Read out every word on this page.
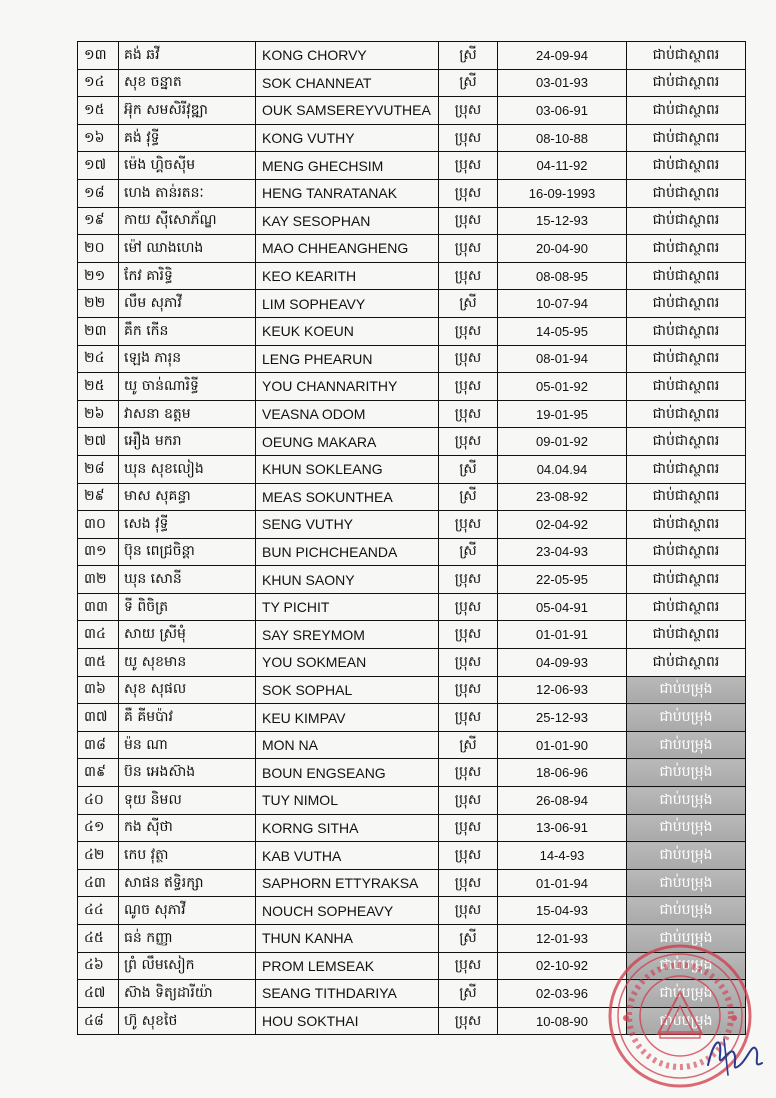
១៣	គង់ ឆវី	KONG CHORVY	ស្រី	24-09-94	ជាប់ជាស្ថាពរ
១៤	សុខ ចន្នាត	SOK CHANNEAT	ស្រី	03-01-93	ជាប់ជាស្ថាពរ
១៥	អ៊ុក សមសិរីវុឌ្ឍា	OUK SAMSEREYVUTHEA	ប្រុស	03-06-91	ជាប់ជាស្ថាពរ
១៦	គង់ វុទ្ធី	KONG VUTHY	ប្រុស	08-10-88	ជាប់ជាស្ថាពរ
១៧	ម៉េង ហ្គិចស៊ីម	MENG GHECHSIM	ប្រុស	04-11-92	ជាប់ជាស្ថាពរ
១៨	ហេង តាន់រតនៈ	HENG TANRATANAK	ប្រុស	16-09-1993	ជាប់ជាស្ថាពរ
១៩	កាយ ស៊ីសោភ័ណ្ឌ	KAY SESOPHAN	ប្រុស	15-12-93	ជាប់ជាស្ថាពរ
២០	ម៉ៅ ឈាងហេង	MAO CHHEANGHENG	ប្រុស	20-04-90	ជាប់ជាស្ថាពរ
២១	កែវ គារិទ្ធិ	KEO KEARITH	ប្រុស	08-08-95	ជាប់ជាស្ថាពរ
២២	លឹម សុភាវី	LIM SOPHEAVY	ស្រី	10-07-94	ជាប់ជាស្ថាពរ
២៣	គឹក កើន	KEUK KOEUN	ប្រុស	14-05-95	ជាប់ជាស្ថាពរ
២៤	ឡេង ភារុន	LENG PHEARUN	ប្រុស	08-01-94	ជាប់ជាស្ថាពរ
២៥	យូ ចាន់ណារិទ្ធី	YOU CHANNARITHY	ប្រុស	05-01-92	ជាប់ជាស្ថាពរ
២៦	វាសនា ឧត្តម	VEASNA ODOM	ប្រុស	19-01-95	ជាប់ជាស្ថាពរ
២៧	អឿង មករា	OEUNG MAKARA	ប្រុស	09-01-92	ជាប់ជាស្ថាពរ
២៨	ឃុន សុខលៀង	KHUN SOKLEANG	ស្រី	04.04.94	ជាប់ជាស្ថាពរ
២៩	មាស សុគន្ធា	MEAS SOKUNTHEA	ស្រី	23-08-92	ជាប់ជាស្ថាពរ
៣០	សេង វុទ្ធី	SENG VUTHY	ប្រុស	02-04-92	ជាប់ជាស្ថាពរ
៣១	ប៊ុន ពេជ្រចិន្តា	BUN PICHCHEANDA	ស្រី	23-04-93	ជាប់ជាស្ថាពរ
៣២	ឃុន សោនី	KHUN SAONY	ប្រុស	22-05-95	ជាប់ជាស្ថាពរ
៣៣	ទី ពិចិត្រ	TY PICHIT	ប្រុស	05-04-91	ជាប់ជាស្ថាពរ
៣៤	សាយ ស្រីមុំ	SAY SREYMOM	ប្រុស	01-01-91	ជាប់ជាស្ថាពរ
៣៥	យូ សុខមាន	YOU SOKMEAN	ប្រុស	04-09-93	ជាប់ជាស្ថាពរ
៣៦	សុខ សុផល	SOK SOPHAL	ប្រុស	12-06-93	ជាប់បម្រុង
៣៧	គឺ គីមប៉ាវ	KEU KIMPAV	ប្រុស	25-12-93	ជាប់បម្រុង
៣៨	ម៉ន ណា	MON NA	ស្រី	01-01-90	ជាប់បម្រុង
៣៩	ប៊ន អេងស៊ាង	BOUN ENGSEANG	ប្រុស	18-06-96	ជាប់បម្រុង
៤០	ទុយ និមល	TUY NIMOL	ប្រុស	26-08-94	ជាប់បម្រុង
៤១	កង ស៊ីថា	KORNG SITHA	ប្រុស	13-06-91	ជាប់បម្រុង
៤២	កេប វុត្ថា	KAB VUTHA	ប្រុស	14-4-93	ជាប់បម្រុង
៤៣	សាផន ឥទ្ធិរក្សា	SAPHORN ETTYRAKSA	ប្រុស	01-01-94	ជាប់បម្រុង
៤៤	ណូច សុភាវី	NOUCH SOPHEAVY	ប្រុស	15-04-93	ជាប់បម្រុង
៤៥	ធន់ កញ្ញា	THUN KANHA	ស្រី	12-01-93	ជាប់បម្រុង
៤៦	ព្រំ លឹមសៀក	PROM LEMSEAK	ប្រុស	02-10-92	ជាប់បម្រុង
៤៧	ស៊ាង ទិត្យដារីយ៉ា	SEANG TITHDARIYA	ស្រី	02-03-96	ជាប់បម្រុង
៤៨	ហ៊ូ សុខថៃ	HOU SOKTHAI	ប្រុស	10-08-90	ជាប់បម្រុង
